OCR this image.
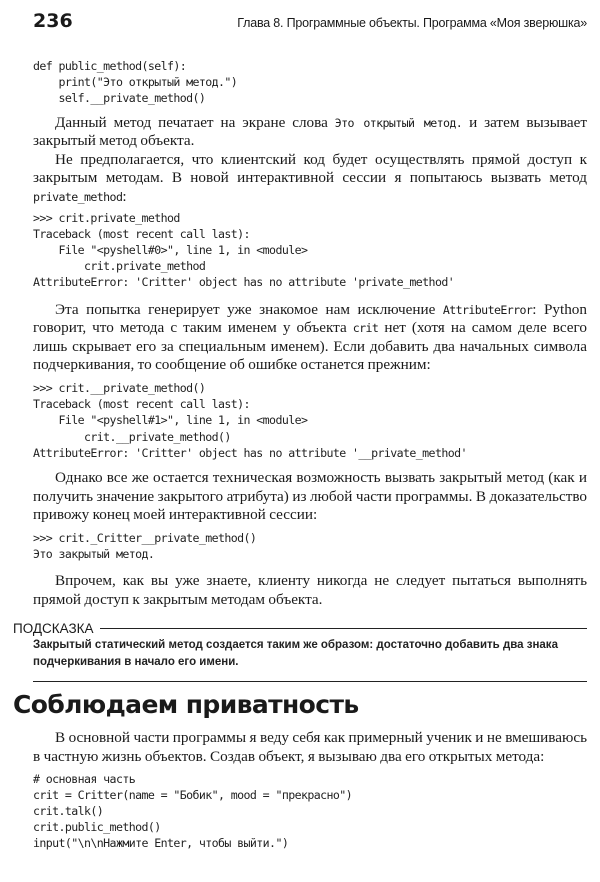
236	Глава 8. Программные объекты. Программа «Моя зверюшка»
def public_method(self):
print("Это открытый метод.")
self.__private_method()

Данный метод печатает на экране слова Это открытый метод. и затем вызывает закрытый метод объекта.

Не предполагается, что клиентский код будет осуществлять прямой доступ к закрытым методам. В новой интерактивной сессии я попытаюсь вызвать метод private_method:

>>> crit.private_method
Traceback (most recent call last):
File "<pyshell#0>", line 1, in <module>
crit.private_method
AttributeError: 'Critter' object has no attribute 'private_method'

Эта попытка генерирует уже знакомое нам исключение AttributeError: Python говорит, что метода с таким именем у объекта crit нет (хотя на самом деле всего лишь скрывает его за специальным именем). Если добавить два начальных символа подчеркивания, то сообщение об ошибке останется прежним:

>>> crit.__private_method()
Traceback (most recent call last):
File "<pyshell#1>", line 1, in <module>
crit.__private_method()
AttributeError: 'Critter' object has no attribute '__private_method'

Однако все же остается техническая возможность вызвать закрытый метод (как и получить значение закрытого атрибута) из любой части программы. В доказательство привожу конец моей интерактивной сессии:

>>> crit._Critter__private_method()
Это закрытый метод.

Впрочем, как вы уже знаете, клиенту никогда не следует пытаться выполнять прямой доступ к закрытым методам объекта.

ПОДСКАЗКА
Закрытый статический метод создается таким же образом: достаточно добавить два знака подчеркивания в начало его имени.
Соблюдаем приватность

В основной части программы я веду себя как примерный ученик и не вмешиваюсь в частную жизнь объектов. Создав объект, я вызываю два его открытых метода:

# основная часть
crit = Critter(name = "Бобик", mood = "прекрасно")
crit.talk()
crit.public_method()
input("\n\nНажмите Enter, чтобы выйти.")
